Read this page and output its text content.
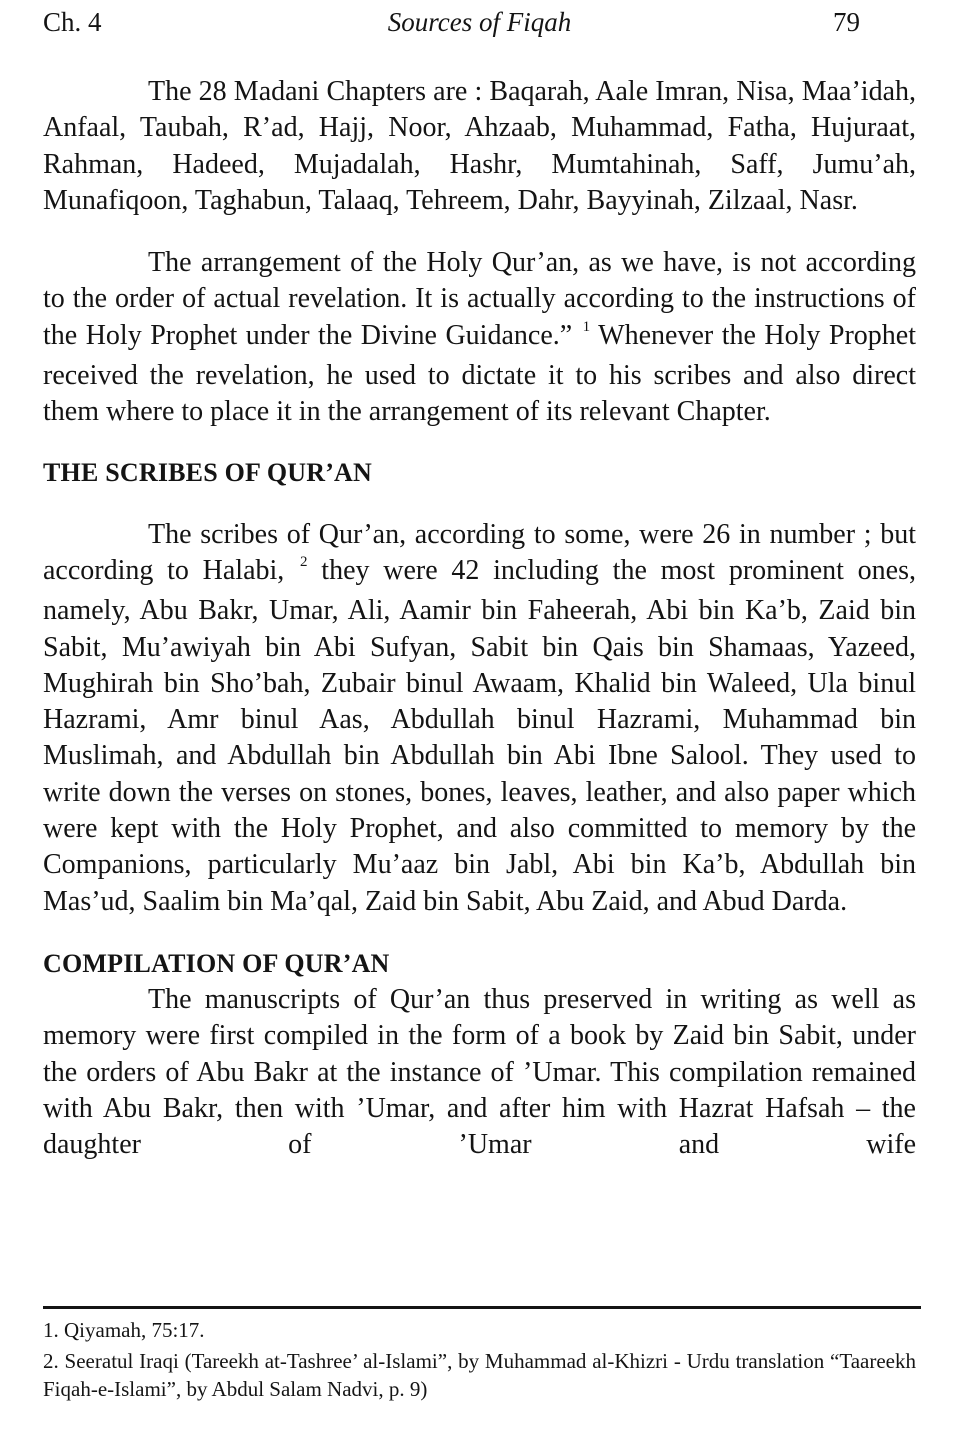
Ch. 4	Sources of Fiqah	79

The 28 Madani Chapters are : Baqarah, Aale Imran, Nisa, Maa’idah, Anfaal, Taubah, R’ad, Hajj, Noor, Ahzaab, Muhammad, Fatha, Hujuraat, Rahman, Hadeed, Mujadalah, Hashr, Mumtahinah, Saff, Jumu’ah, Munafiqoon, Taghabun, Talaaq, Tehreem, Dahr, Bayyinah, Zilzaal, Nasr.

The arrangement of the Holy Qur’an, as we have, is not according to the order of actual revelation. It is actually according to the instructions of the Holy Prophet under the Divine Guidance.” $^1$ Whenever the Holy Prophet received the revelation, he used to dictate it to his scribes and also direct them where to place it in the arrangement of its relevant Chapter.

THE SCRIBES OF QUR’AN

The scribes of Qur’an, according to some, were 26 in number ; but according to Halabi, $^2$ they were 42 including the most prominent ones, namely, Abu Bakr, Umar, Ali, Aamir bin Faheerah, Abi bin Ka’b, Zaid bin Sabit, Mu’awiyah bin Abi Sufyan, Sabit bin Qais bin Shamaas, Yazeed, Mughirah bin Sho’bah, Zubair binul Awaam, Khalid bin Waleed, Ula binul Hazrami, Amr binul Aas, Abdullah binul Hazrami, Muhammad bin Muslimah, and Abdullah bin Abdullah bin Abi Ibne Salool. They used to write down the verses on stones, bones, leaves, leather, and also paper which were kept with the Holy Prophet, and also committed to memory by the Companions, particularly Mu’aaz bin Jabl, Abi bin Ka’b, Abdullah bin Mas’ud, Saalim bin Ma’qal, Zaid bin Sabit, Abu Zaid, and Abud Darda.

COMPILATION OF QUR’AN

The manuscripts of Qur’an thus preserved in writing as well as memory were first compiled in the form of a book by Zaid bin Sabit, under the orders of Abu Bakr at the instance of ’Umar. This compilation remained with Abu Bakr, then with ’Umar, and after him with Hazrat Hafsah – the daughter of ’Umar and wife

1. Qiyamah, 75:17.
2. Seeratul Iraqi (Tareekh at-Tashree’ al-Islami”, by Muhammad al-Khizri - Urdu translation “Taareekh Fiqah-e-Islami”, by Abdul Salam Nadvi, p. 9)
